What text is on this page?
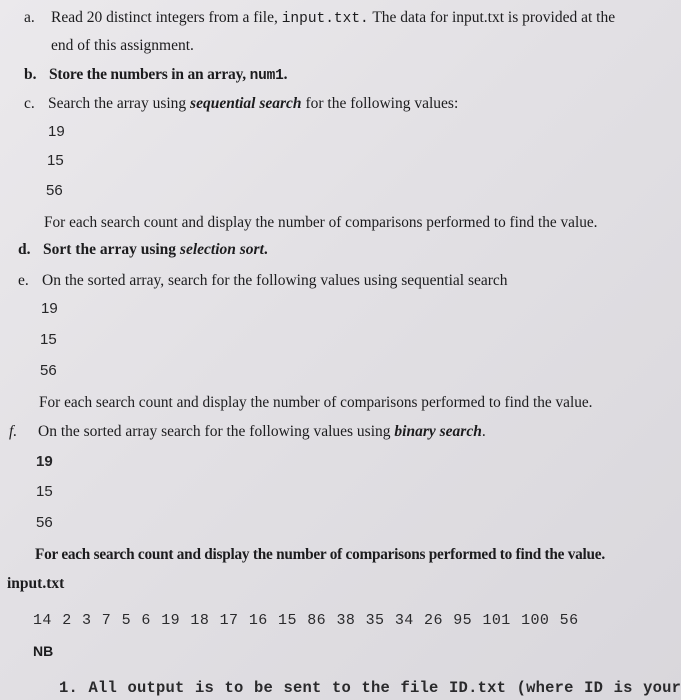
a. Read 20 distinct integers from a file, input.txt. The data for input.txt is provided at the
end of this assignment.
b. Store the numbers in an array, num1.
c. Search the array using sequential search for the following values:
19
15
56
For each search count and display the number of comparisons performed to find the value.
d. Sort the array using selection sort.
e. On the sorted array, search for the following values using sequential search
19
15
56
For each search count and display the number of comparisons performed to find the value.
f. On the sorted array search for the following values using binary search.
19
15
56
For each search count and display the number of comparisons performed to find the value.
input.txt
14 2 3 7 5 6 19 18 17 16 15 86 38 35 34 26 95 101 100 56
NB
1. All output is to be sent to the file ID.txt (where ID is your
